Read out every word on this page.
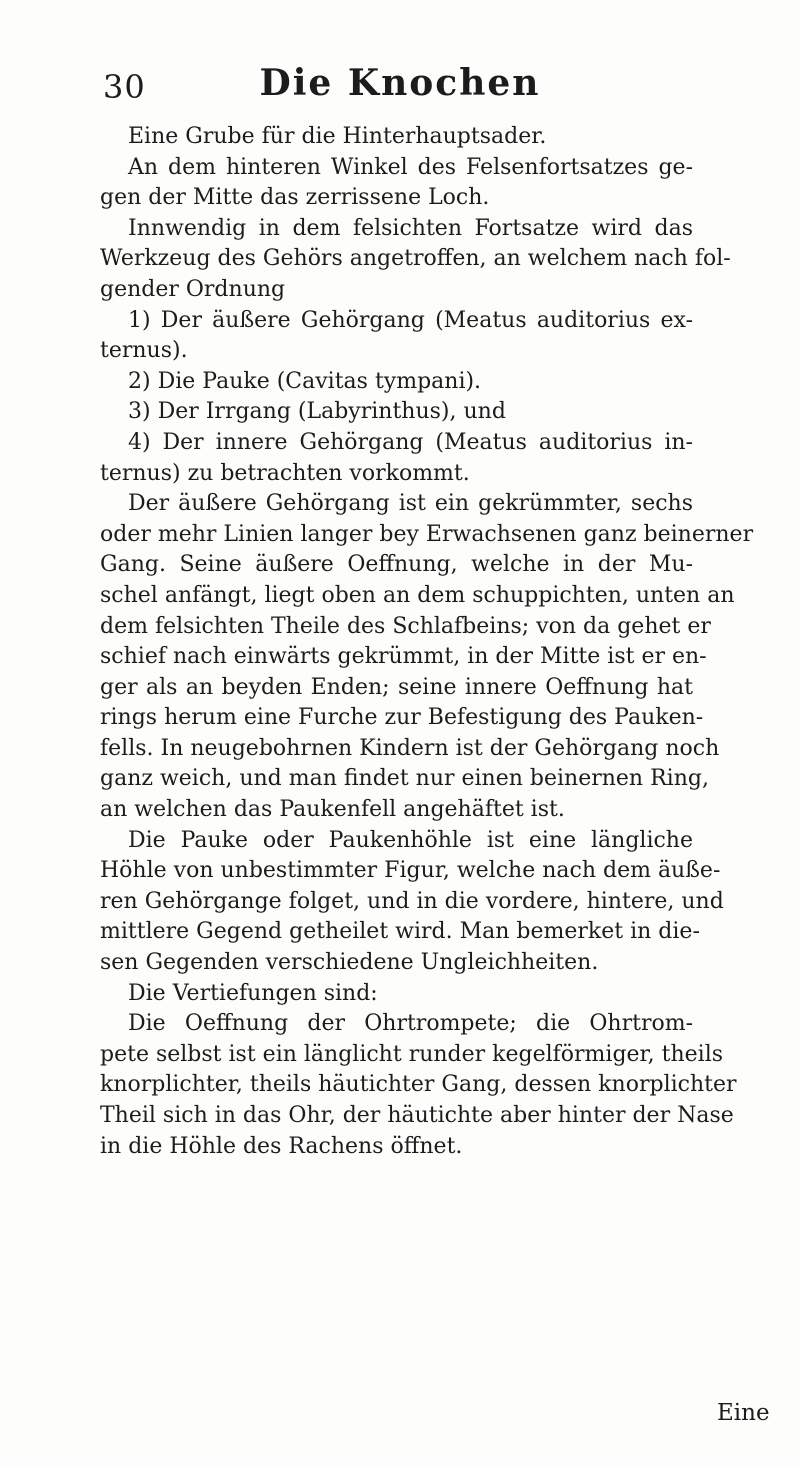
30	Die Knochen
Eine Grube für die Hinterhauptsader.
An dem hinteren Winkel des Felsenfortsatzes ge-
gen der Mitte das zerrissene Loch.
Innwendig in dem felsichten Fortsatze wird das
Werkzeug des Gehörs angetroffen, an welchem nach fol-
gender Ordnung
1) Der äußere Gehörgang (Meatus auditorius ex-
ternus).
2) Die Pauke (Cavitas tympani).
3) Der Irrgang (Labyrinthus), und
4) Der innere Gehörgang (Meatus auditorius in-
ternus) zu betrachten vorkommt.
Der äußere Gehörgang ist ein gekrümmter, sechs
oder mehr Linien langer bey Erwachsenen ganz beinerner
Gang. Seine äußere Oeffnung, welche in der Mu-
schel anfängt, liegt oben an dem schuppichten, unten an
dem felsichten Theile des Schlafbeins; von da gehet er
schief nach einwärts gekrümmt, in der Mitte ist er en-
ger als an beyden Enden; seine innere Oeffnung hat
rings herum eine Furche zur Befestigung des Pauken-
fells. In neugebohrnen Kindern ist der Gehörgang noch
ganz weich, und man findet nur einen beinernen Ring,
an welchen das Paukenfell angehäftet ist.
Die Pauke oder Paukenhöhle ist eine längliche
Höhle von unbestimmter Figur, welche nach dem äuße-
ren Gehörgange folget, und in die vordere, hintere, und
mittlere Gegend getheilet wird. Man bemerket in die-
sen Gegenden verschiedene Ungleichheiten.
Die Vertiefungen sind:
Die Oeffnung der Ohrtrompete; die Ohrtrom-
pete selbst ist ein länglicht runder kegelförmiger, theils
knorplichter, theils häutichter Gang, dessen knorplichter
Theil sich in das Ohr, der häutichte aber hinter der Nase
in die Höhle des Rachens öffnet.
Eine
